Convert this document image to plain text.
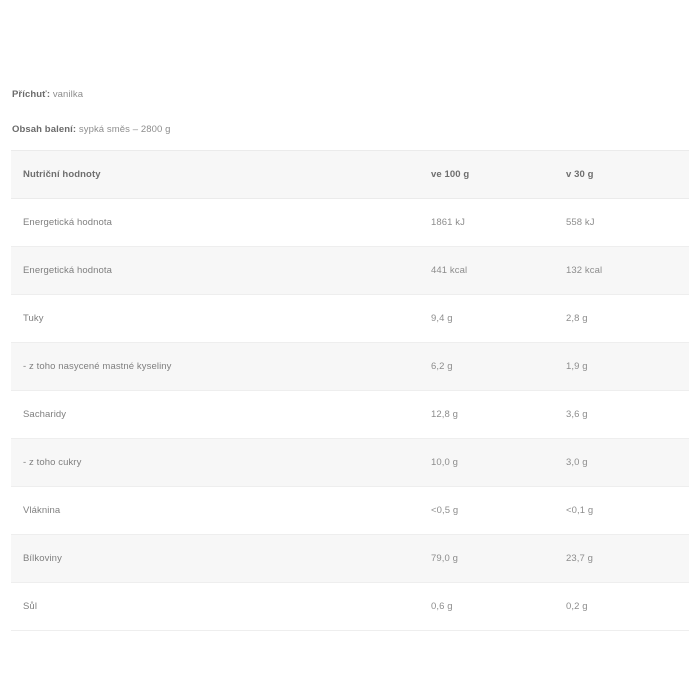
Příchuť: vanilka

Obsah balení: sypká směs – 2800 g

Nutriční hodnoty	ve 100 g	v 30 g
Energetická hodnota	1861 kJ	558 kJ
Energetická hodnota	441 kcal	132 kcal
Tuky	9,4 g	2,8 g
- z toho nasycené mastné kyseliny	6,2 g	1,9 g
Sacharidy	12,8 g	3,6 g
- z toho cukry	10,0 g	3,0 g
Vláknina	<0,5 g	<0,1 g
Bílkoviny	79,0 g	23,7 g
Sůl	0,6 g	0,2 g
